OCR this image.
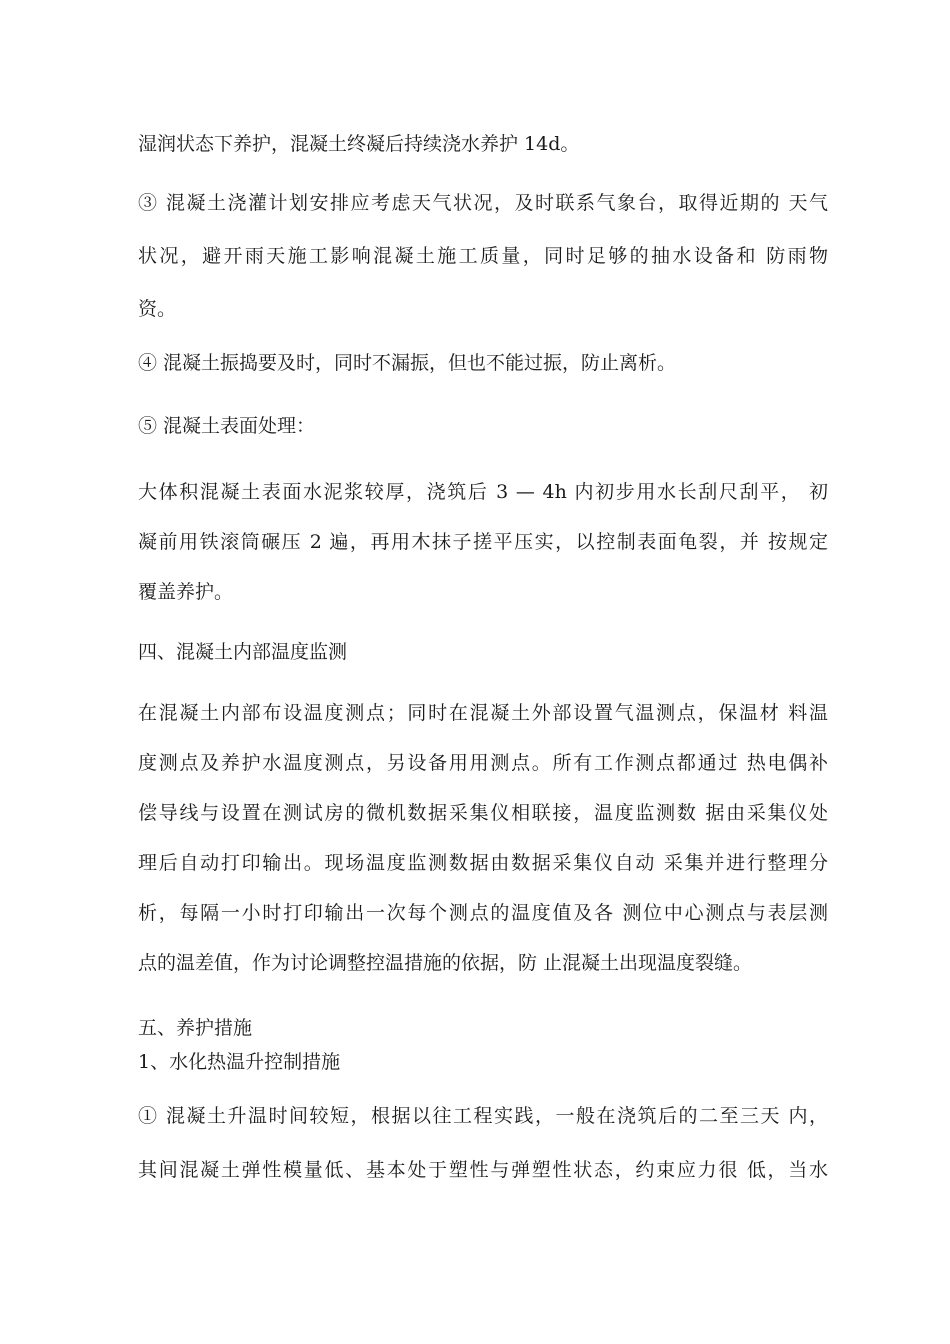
湿润状态下养护，混凝土终凝后持续浇水养护 14d。
③ 混凝土浇灌计划安排应考虑天气状况，及时联系气象台，取得近期的 天气
状况，避开雨天施工影响混凝土施工质量，同时足够的抽水设备和 防雨物
资。
④ 混凝土振捣要及时，同时不漏振，但也不能过振，防止离析。
⑤ 混凝土表面处理：
大体积混凝土表面水泥浆较厚，浇筑后 3 — 4h 内初步用水长刮尺刮平， 初
凝前用铁滚筒碾压 2 遍，再用木抹子搓平压实，以控制表面龟裂，并 按规定
覆盖养护。
四、混凝土内部温度监测
在混凝土内部布设温度测点；同时在混凝土外部设置气温测点，保温材 料温
度测点及养护水温度测点，另设备用用测点。所有工作测点都通过 热电偶补
偿导线与设置在测试房的微机数据采集仪相联接，温度监测数 据由采集仪处
理后自动打印输出。现场温度监测数据由数据采集仪自动 采集并进行整理分
析，每隔一小时打印输出一次每个测点的温度值及各 测位中心测点与表层测
点的温差值，作为讨论调整控温措施的依据，防 止混凝土出现温度裂缝。
五、养护措施
1、水化热温升控制措施
① 混凝土升温时间较短，根据以往工程实践，一般在浇筑后的二至三天 内，
其间混凝土弹性模量低、基本处于塑性与弹塑性状态，约束应力很 低，当水
